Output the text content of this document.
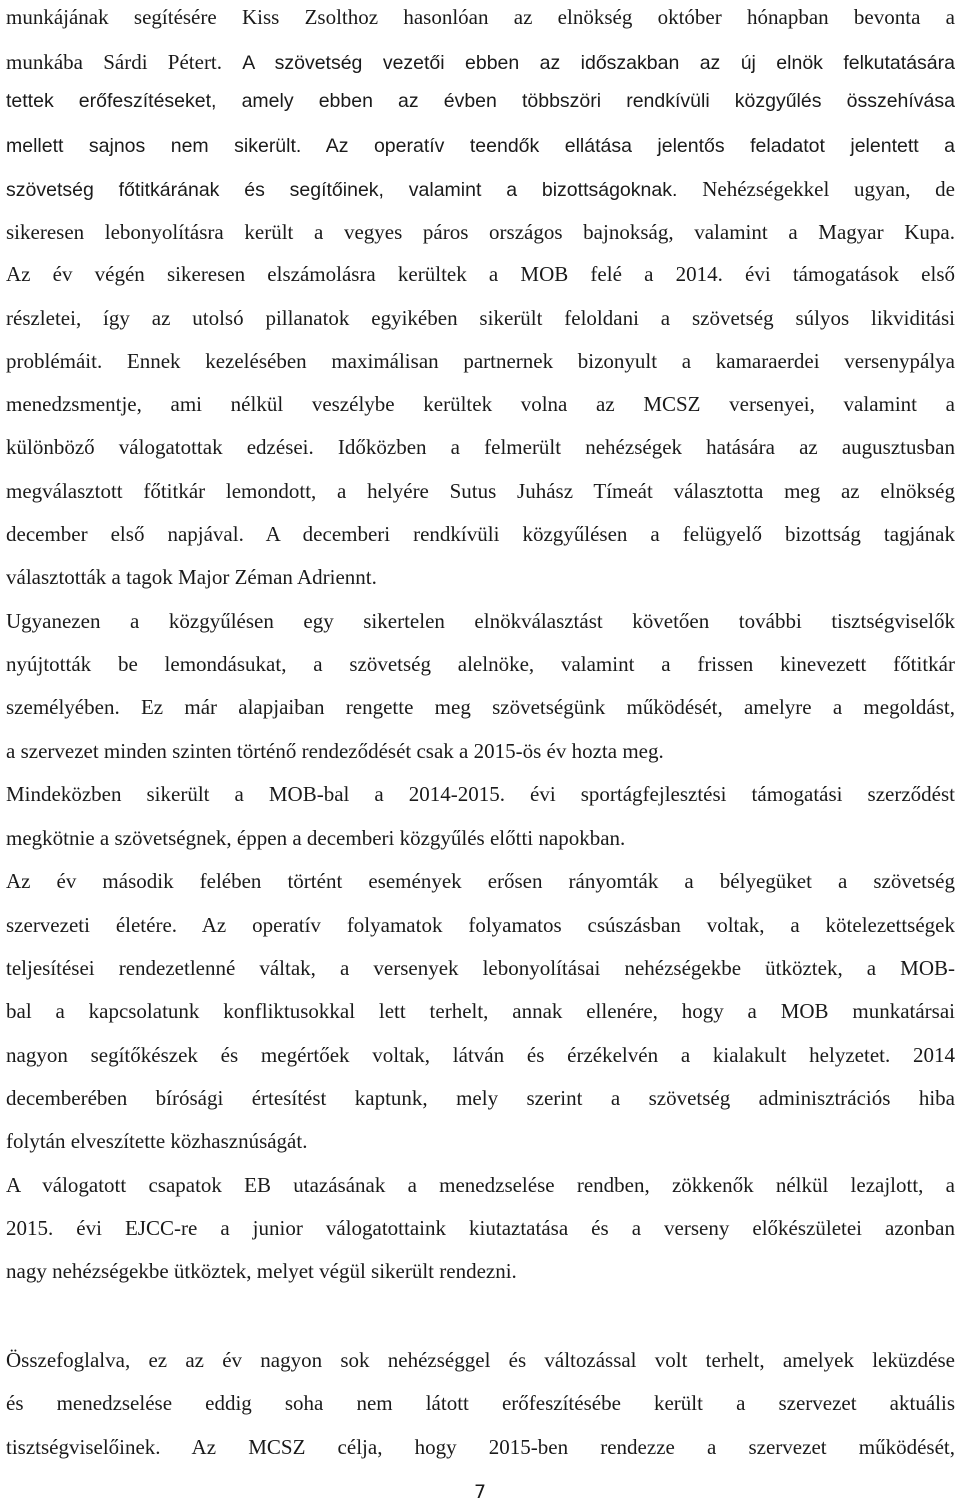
munkájának segítésére Kiss Zsolthoz hasonlóan az elnökség október hónapban bevonta a
munkába Sárdi Pétert. A szövetség vezetői ebben az időszakban az új elnök felkutatására
tettek erőfeszítéseket, amely ebben az évben többszöri rendkívüli közgyűlés összehívása
mellett sajnos nem sikerült. Az operatív teendők ellátása jelentős feladatot jelentett a
szövetség főtitkárának és segítőinek, valamint a bizottságoknak. Nehézségekkel ugyan, de
sikeresen lebonyolításra került a vegyes páros országos bajnokság, valamint a Magyar Kupa.
Az év végén sikeresen elszámolásra kerültek a MOB felé a 2014. évi támogatások első
részletei, így az utolsó pillanatok egyikében sikerült feloldani a szövetség súlyos likviditási
problémáit. Ennek kezelésében maximálisan partnernek bizonyult a kamaraerdei versenypálya
menedzsmentje, ami nélkül veszélybe kerültek volna az MCSZ versenyei, valamint a
különböző válogatottak edzései. Időközben a felmerült nehézségek hatására az augusztusban
megválasztott főtitkár lemondott, a helyére Sutus Juhász Tímeát választotta meg az elnökség
december első napjával. A decemberi rendkívüli közgyűlésen a felügyelő bizottság tagjának
választották a tagok Major Zéman Adriennt.
Ugyanezen a közgyűlésen egy sikertelen elnökválasztást követően további tisztségviselők
nyújtották be lemondásukat, a szövetség alelnöke, valamint a frissen kinevezett főtitkár
személyében. Ez már alapjaiban rengette meg szövetségünk működését, amelyre a megoldást,
a szervezet minden szinten történő rendeződését csak a 2015-ös év hozta meg.
Mindeközben sikerült a MOB-bal a 2014-2015. évi sportágfejlesztési támogatási szerződést
megkötnie a szövetségnek, éppen a decemberi közgyűlés előtti napokban.
Az év második felében történt események erősen rányomták a bélyegüket a szövetség
szervezeti életére. Az operatív folyamatok folyamatos csúszásban voltak, a kötelezettségek
teljesítései rendezetlenné váltak, a versenyek lebonyolításai nehézségekbe ütköztek, a MOB-
bal a kapcsolatunk konfliktusokkal lett terhelt, annak ellenére, hogy a MOB munkatársai
nagyon segítőkészek és megértőek voltak, látván és érzékelvén a kialakult helyzetet. 2014
decemberében bírósági értesítést kaptunk, mely szerint a szövetség adminisztrációs hiba
folytán elveszítette közhasznúságát.
A válogatott csapatok EB utazásának a menedzselése rendben, zökkenők nélkül lezajlott, a
2015. évi EJCC-re a junior válogatottaink kiutaztatása és a verseny előkészületei azonban
nagy nehézségekbe ütköztek, melyet végül sikerült rendezni.
Összefoglalva, ez az év nagyon sok nehézséggel és változással volt terhelt, amelyek leküzdése
és menedzselése eddig soha nem látott erőfeszítésébe került a szervezet aktuális
tisztségviselőinek. Az MCSZ célja, hogy 2015-ben rendezze a szervezet működését,
7
